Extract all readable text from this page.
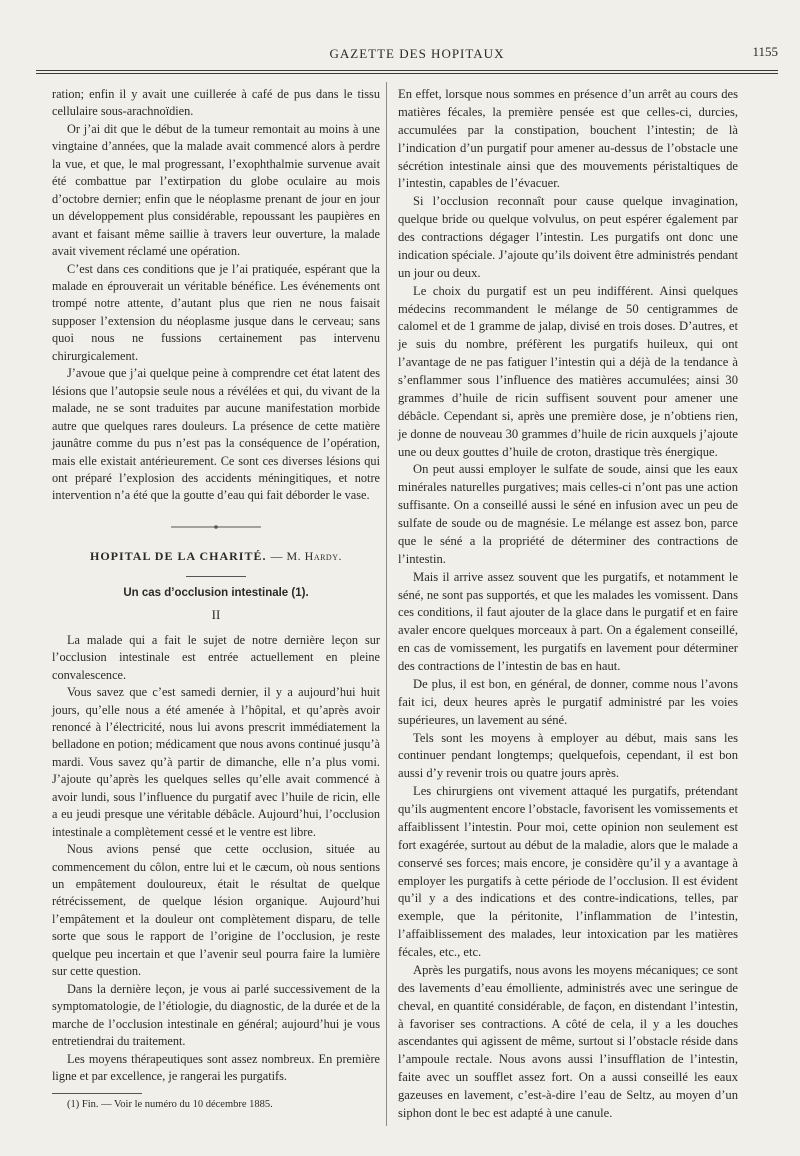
GAZETTE DES HOPITAUX	1155

ration; enfin il y avait une cuillerée à café de pus dans le tissu cellulaire sous-arachnoïdien.

Or j’ai dit que le début de la tumeur remontait au moins à une vingtaine d’années, que la malade avait commencé alors à perdre la vue, et que, le mal progressant, l’exophthalmie survenue avait été combattue par l’extirpation du globe oculaire au mois d’octobre dernier; enfin que le néoplasme prenant de jour en jour un développement plus considérable, repoussant les paupières en avant et faisant même saillie à travers leur ouverture, la malade avait vivement réclamé une opération.

C’est dans ces conditions que je l’ai pratiquée, espérant que la malade en éprouverait un véritable bénéfice. Les événements ont trompé notre attente, d’autant plus que rien ne nous faisait supposer l’extension du néoplasme jusque dans le cerveau; sans quoi nous ne fussions certainement pas intervenu chirurgicalement.

J’avoue que j’ai quelque peine à comprendre cet état latent des lésions que l’autopsie seule nous a révélées et qui, du vivant de la malade, ne se sont traduites par aucune manifestation morbide autre que quelques rares douleurs. La présence de cette matière jaunâtre comme du pus n’est pas la conséquence de l’opération, mais elle existait antérieurement. Ce sont ces diverses lésions qui ont préparé l’explosion des accidents méningitiques, et notre intervention n’a été que la goutte d’eau qui fait déborder le vase.

HOPITAL DE LA CHARITÉ. — M. Hardy.
Un cas d’occlusion intestinale (1).
II

La malade qui a fait le sujet de notre dernière leçon sur l’occlusion intestinale est entrée actuellement en pleine convalescence.

Vous savez que c’est samedi dernier, il y a aujourd’hui huit jours, qu’elle nous a été amenée à l’hôpital, et qu’après avoir renoncé à l’électricité, nous lui avons prescrit immédiatement la belladone en potion; médicament que nous avons continué jusqu’à mardi. Vous savez qu’à partir de dimanche, elle n’a plus vomi. J’ajoute qu’après les quelques selles qu’elle avait commencé à avoir lundi, sous l’influence du purgatif avec l’huile de ricin, elle a eu jeudi presque une véritable débâcle. Aujourd’hui, l’occlusion intestinale a complètement cessé et le ventre est libre.

Nous avions pensé que cette occlusion, située au commencement du côlon, entre lui et le cæcum, où nous sentions un empâtement douloureux, était le résultat de quelque rétrécissement, de quelque lésion organique. Aujourd’hui l’empâtement et la douleur ont complètement disparu, de telle sorte que sous le rapport de l’origine de l’occlusion, je reste quelque peu incertain et que l’avenir seul pourra faire la lumière sur cette question.

Dans la dernière leçon, je vous ai parlé successivement de la symptomatologie, de l’étiologie, du diagnostic, de la durée et de la marche de l’occlusion intestinale en général; aujourd’hui je vous entretiendrai du traitement.

Les moyens thérapeutiques sont assez nombreux. En première ligne et par excellence, je rangerai les purgatifs.

(1) Fin. — Voir le numéro du 10 décembre 1885.

En effet, lorsque nous sommes en présence d’un arrêt au cours des matières fécales, la première pensée est que celles-ci, durcies, accumulées par la constipation, bouchent l’intestin; de là l’indication d’un purgatif pour amener au-dessus de l’obstacle une sécrétion intestinale ainsi que des mouvements péristaltiques de l’intestin, capables de l’évacuer.

Si l’occlusion reconnaît pour cause quelque invagination, quelque bride ou quelque volvulus, on peut espérer également par des contractions dégager l’intestin. Les purgatifs ont donc une indication spéciale. J’ajoute qu’ils doivent être administrés pendant un jour ou deux.

Le choix du purgatif est un peu indifférent. Ainsi quelques médecins recommandent le mélange de 50 centigrammes de calomel et de 1 gramme de jalap, divisé en trois doses. D’autres, et je suis du nombre, préfèrent les purgatifs huileux, qui ont l’avantage de ne pas fatiguer l’intestin qui a déjà de la tendance à s’enflammer sous l’influence des matières accumulées; ainsi 30 grammes d’huile de ricin suffisent souvent pour amener une débâcle. Cependant si, après une première dose, je n’obtiens rien, je donne de nouveau 30 grammes d’huile de ricin auxquels j’ajoute une ou deux gouttes d’huile de croton, drastique très énergique.

On peut aussi employer le sulfate de soude, ainsi que les eaux minérales naturelles purgatives; mais celles-ci n’ont pas une action suffisante. On a conseillé aussi le séné en infusion avec un peu de sulfate de soude ou de magnésie. Le mélange est assez bon, parce que le séné a la propriété de déterminer des contractions de l’intestin.

Mais il arrive assez souvent que les purgatifs, et notamment le séné, ne sont pas supportés, et que les malades les vomissent. Dans ces conditions, il faut ajouter de la glace dans le purgatif et en faire avaler encore quelques morceaux à part. On a également conseillé, en cas de vomissement, les purgatifs en lavement pour déterminer des contractions de l’intestin de bas en haut.

De plus, il est bon, en général, de donner, comme nous l’avons fait ici, deux heures après le purgatif administré par les voies supérieures, un lavement au séné.

Tels sont les moyens à employer au début, mais sans les continuer pendant longtemps; quelquefois, cependant, il est bon aussi d’y revenir trois ou quatre jours après.

Les chirurgiens ont vivement attaqué les purgatifs, prétendant qu’ils augmentent encore l’obstacle, favorisent les vomissements et affaiblissent l’intestin. Pour moi, cette opinion non seulement est fort exagérée, surtout au début de la maladie, alors que le malade a conservé ses forces; mais encore, je considère qu’il y a avantage à employer les purgatifs à cette période de l’occlusion. Il est évident qu’il y a des indications et des contre-indications, telles, par exemple, que la péritonite, l’inflammation de l’intestin, l’affaiblissement des malades, leur intoxication par les matières fécales, etc., etc.

Après les purgatifs, nous avons les moyens mécaniques; ce sont des lavements d’eau émolliente, administrés avec une seringue de cheval, en quantité considérable, de façon, en distendant l’intestin, à favoriser ses contractions. A côté de cela, il y a les douches ascendantes qui agissent de même, surtout si l’obstacle réside dans l’ampoule rectale. Nous avons aussi l’insufflation de l’intestin, faite avec un soufflet assez fort. On a aussi conseillé les eaux gazeuses en lavement, c’est-à-dire l’eau de Seltz, au moyen d’un siphon dont le bec est adapté à une canule.
